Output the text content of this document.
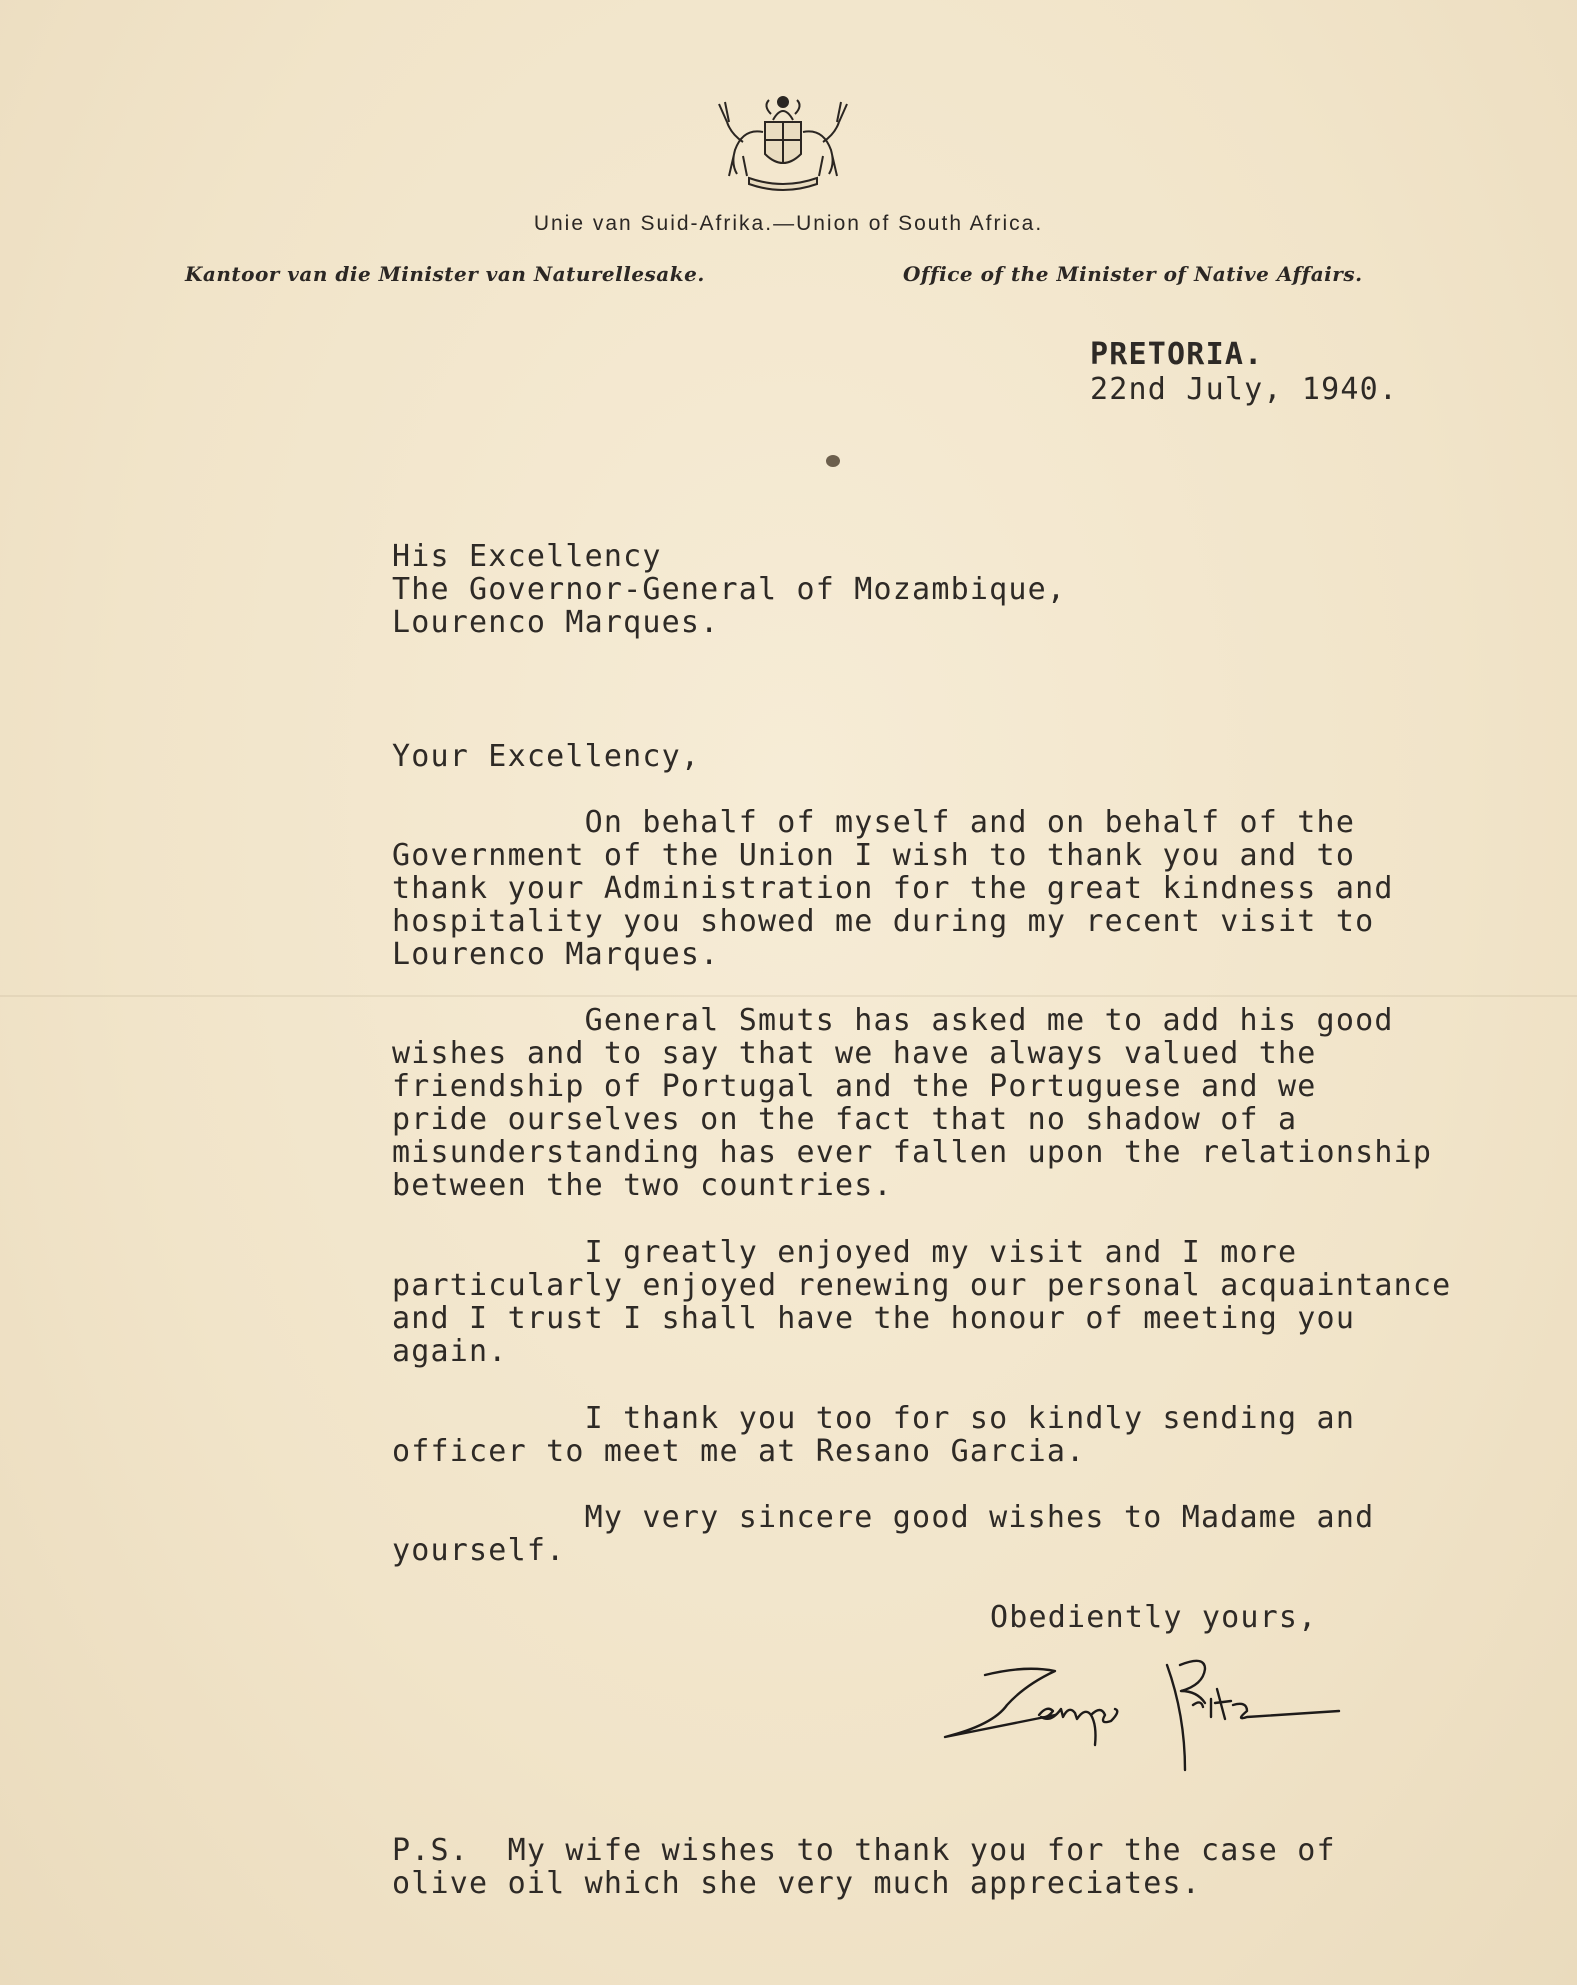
Unie van Suid-Afrika.—Union of South Africa.
Kantoor van die Minister van Naturellesake.	Office of the Minister of Native Affairs.
PRETORIA.
22nd July, 1940.
His Excellency
The Governor-General of Mozambique,
Lourenco Marques.
Your Excellency,
On behalf of myself and on behalf of the
Government of the Union I wish to thank you and to
thank your Administration for the great kindness and
hospitality you showed me during my recent visit to
Lourenco Marques.
General Smuts has asked me to add his good
wishes and to say that we have always valued the
friendship of Portugal and the Portuguese and we
pride ourselves on the fact that no shadow of a
misunderstanding has ever fallen upon the relationship
between the two countries.
I greatly enjoyed my visit and I more
particularly enjoyed renewing our personal acquaintance
and I trust I shall have the honour of meeting you
again.
I thank you too for so kindly sending an
officer to meet me at Resano Garcia.
My very sincere good wishes to Madame and
yourself.
Obediently yours,
P.S.  My wife wishes to thank you for the case of
olive oil which she very much appreciates.
